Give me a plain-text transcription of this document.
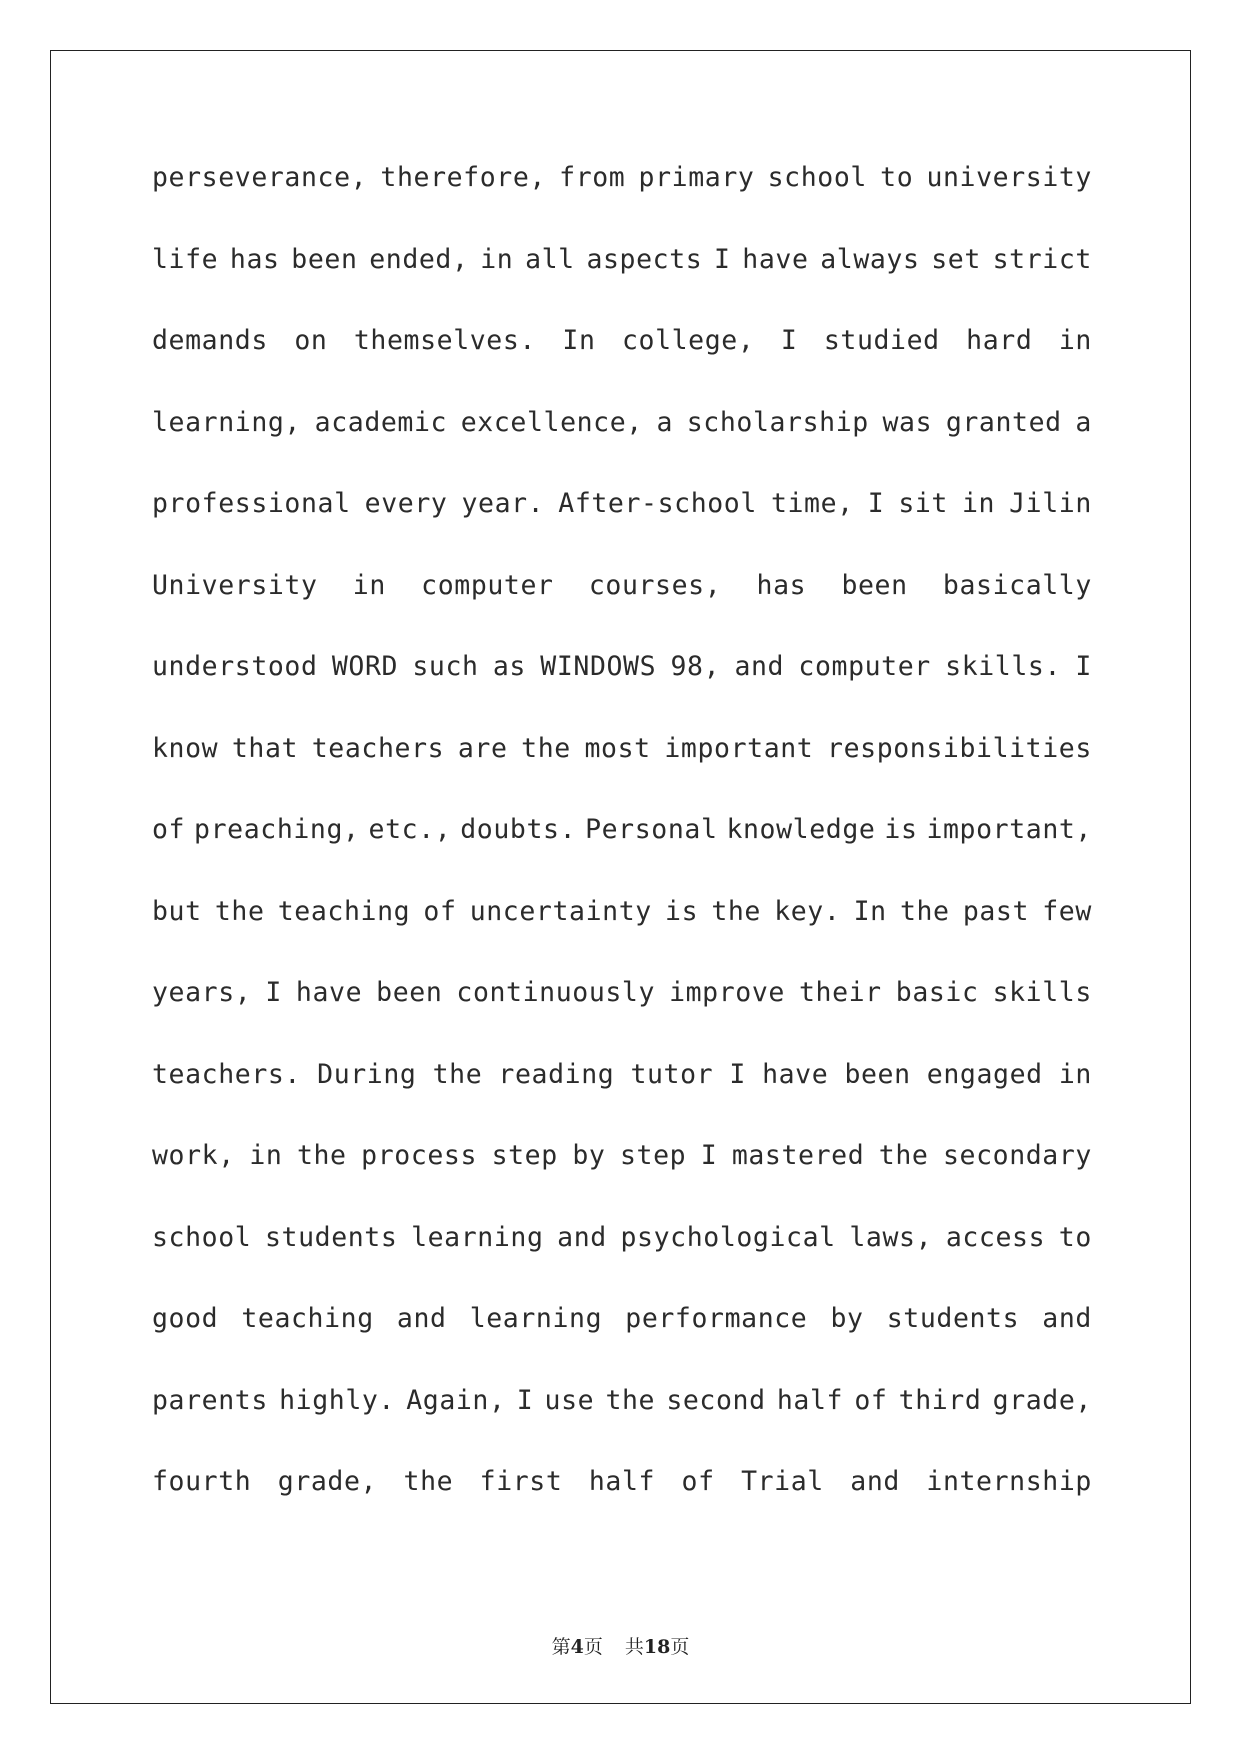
perseverance, therefore, from primary school to university
life has been ended, in all aspects I have always set strict
demands on themselves. In college, I studied hard in
learning, academic excellence, a scholarship was granted a
professional every year. After-school time, I sit in Jilin
University in computer courses, has been basically
understood WORD such as WINDOWS 98, and computer skills. I
know that teachers are the most important responsibilities
of preaching, etc., doubts. Personal knowledge is important,
but the teaching of uncertainty is the key. In the past few
years, I have been continuously improve their basic skills
teachers. During the reading tutor I have been engaged in
work, in the process step by step I mastered the secondary
school students learning and psychological laws, access to
good teaching and learning performance by students and
parents highly. Again, I use the second half of third grade,
fourth grade, the first half of Trial and internship
第4页 共18页
